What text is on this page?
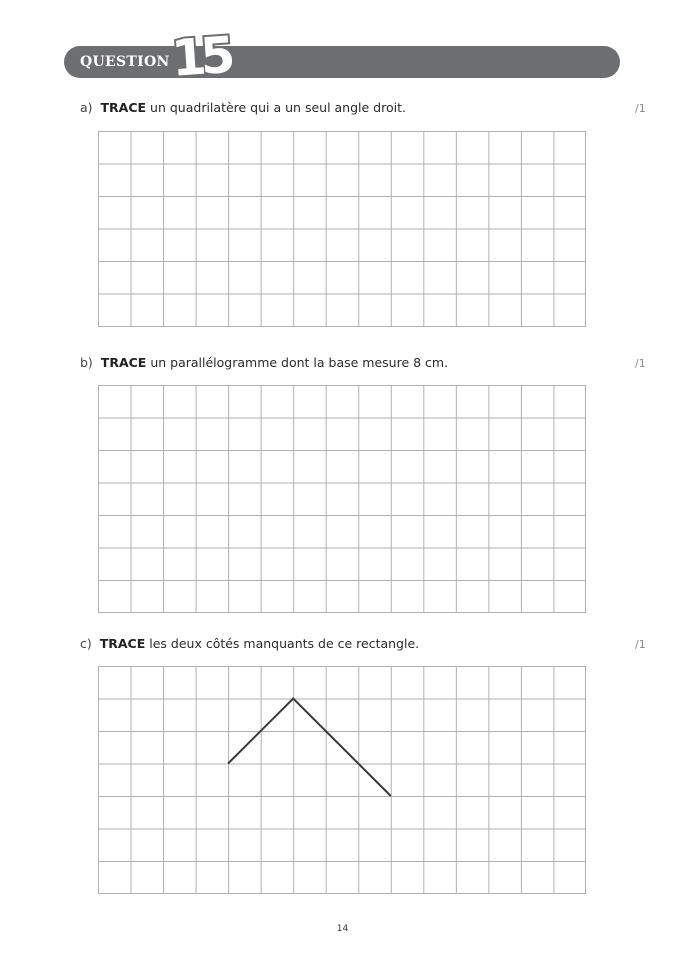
QUESTION 15
a) TRACE un quadrilatère qui a un seul angle droit.	/1
b) TRACE un parallélogramme dont la base mesure 8 cm.	/1
c) TRACE les deux côtés manquants de ce rectangle.	/1
14
